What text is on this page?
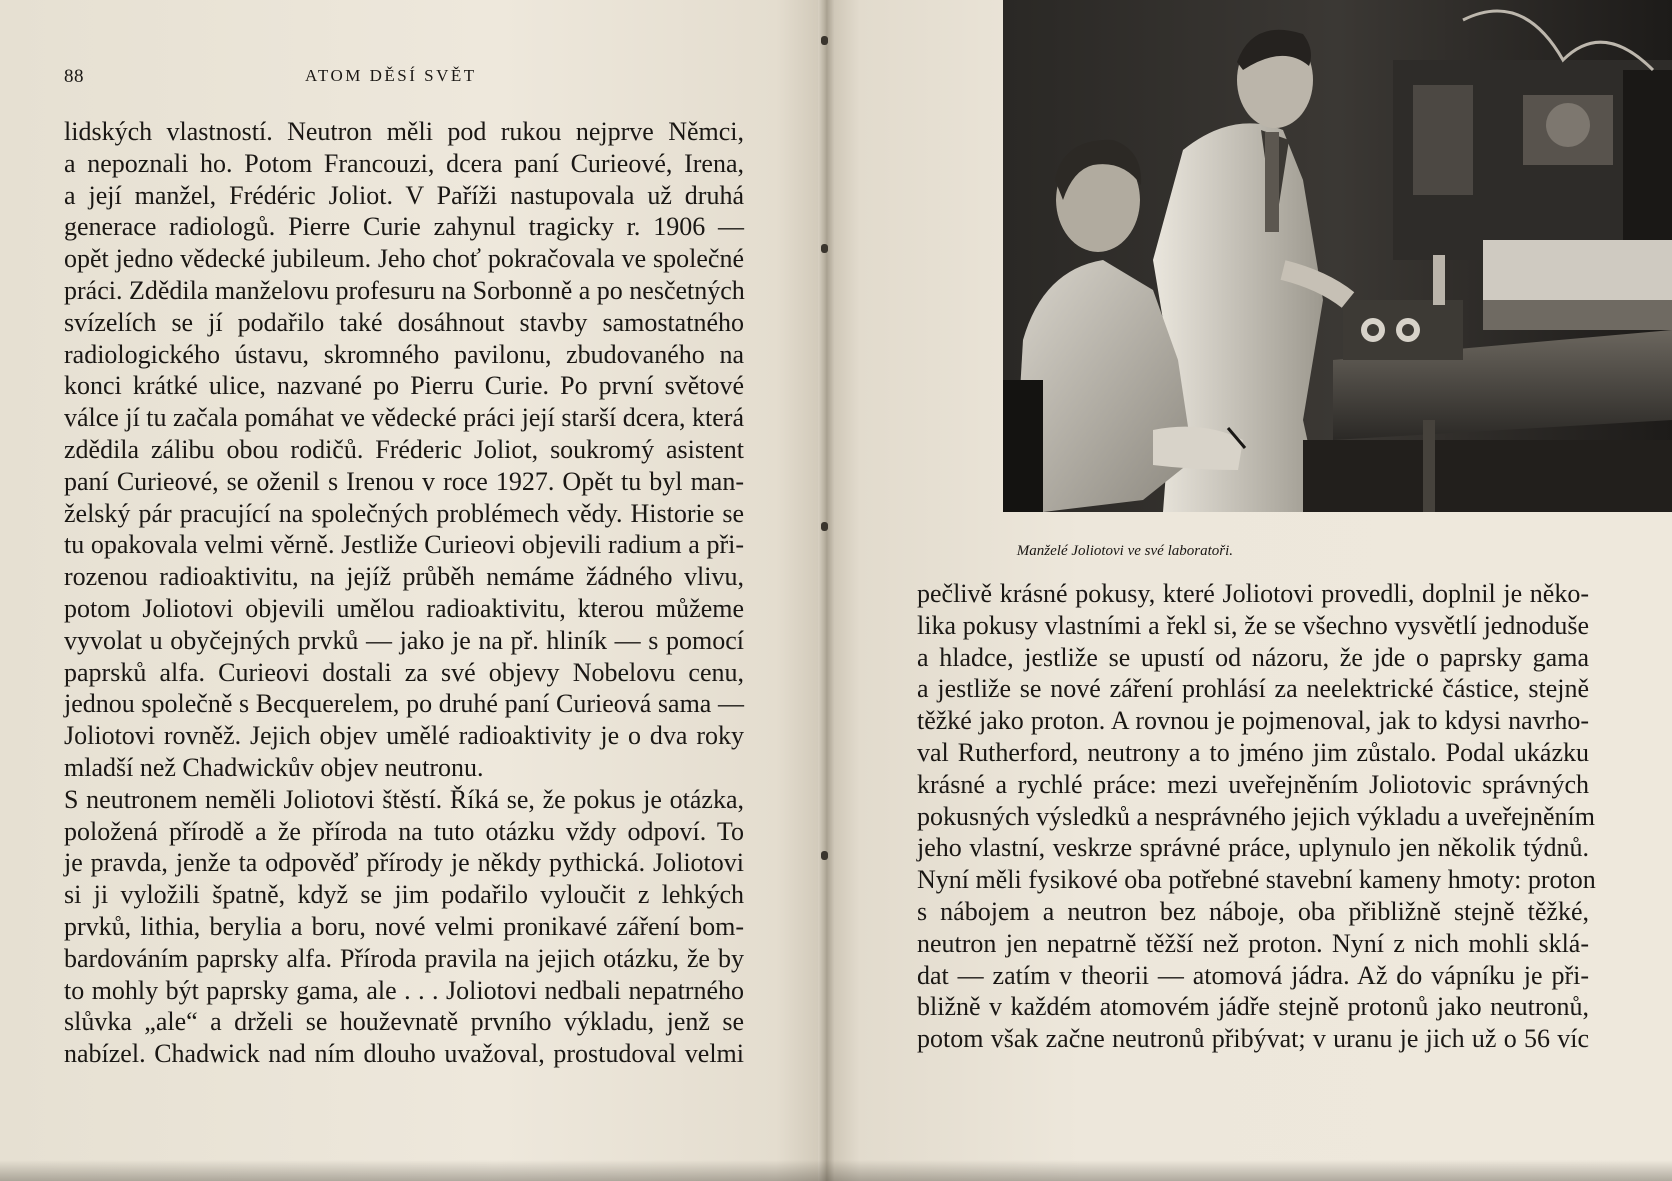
88	ATOM DĚSÍ SVĚT
lidských vlastností. Neutron měli pod rukou nejprve Němci,
a nepoznali ho. Potom Francouzi, dcera paní Curieové, Irena,
a její manžel, Frédéric Joliot. V Paříži nastupovala už druhá
generace radiologů. Pierre Curie zahynul tragicky r. 1906 —
opět jedno vědecké jubileum. Jeho choť pokračovala ve společné
práci. Zdědila manželovu profesuru na Sorbonně a po nesčetných
svízelích se jí podařilo také dosáhnout stavby samostatného
radiologického ústavu, skromného pavilonu, zbudovaného na
konci krátké ulice, nazvané po Pierru Curie. Po první světové
válce jí tu začala pomáhat ve vědecké práci její starší dcera, která
zdědila zálibu obou rodičů. Fréderic Joliot, soukromý asistent
paní Curieové, se oženil s Irenou v roce 1927. Opět tu byl man-
želský pár pracující na společných problémech vědy. Historie se
tu opakovala velmi věrně. Jestliže Curieovi objevili radium a při-
rozenou radioaktivitu, na jejíž průběh nemáme žádného vlivu,
potom Joliotovi objevili umělou radioaktivitu, kterou můžeme
vyvolat u obyčejných prvků — jako je na př. hliník — s pomocí
paprsků alfa. Curieovi dostali za své objevy Nobelovu cenu,
jednou společně s Becquerelem, po druhé paní Curieová sama —
Joliotovi rovněž. Jejich objev umělé radioaktivity je o dva roky
mladší než Chadwickův objev neutronu.
S neutronem neměli Joliotovi štěstí. Říká se, že pokus je otázka,
položená přírodě a že příroda na tuto otázku vždy odpoví. To
je pravda, jenže ta odpověď přírody je někdy pythická. Joliotovi
si ji vyložili špatně, když se jim podařilo vyloučit z lehkých
prvků, lithia, berylia a boru, nové velmi pronikavé záření bom-
bardováním paprsky alfa. Příroda pravila na jejich otázku, že by
to mohly být paprsky gama, ale . . . Joliotovi nedbali nepatrného
slůvka „ale“ a drželi se houževnatě prvního výkladu, jenž se
nabízel. Chadwick nad ním dlouho uvažoval, prostudoval velmi
Manželé Joliotovi ve své laboratoři.
pečlivě krásné pokusy, které Joliotovi provedli, doplnil je něko-
lika pokusy vlastními a řekl si, že se všechno vysvětlí jednoduše
a hladce, jestliže se upustí od názoru, že jde o paprsky gama
a jestliže se nové záření prohlásí za neelektrické částice, stejně
těžké jako proton. A rovnou je pojmenoval, jak to kdysi navrho-
val Rutherford, neutrony a to jméno jim zůstalo. Podal ukázku
krásné a rychlé práce: mezi uveřejněním Joliotovic správných
pokusných výsledků a nesprávného jejich výkladu a uveřejněním
jeho vlastní, veskrze správné práce, uplynulo jen několik týdnů.
Nyní měli fysikové oba potřebné stavební kameny hmoty: proton
s nábojem a neutron bez náboje, oba přibližně stejně těžké,
neutron jen nepatrně těžší než proton. Nyní z nich mohli sklá-
dat — zatím v theorii — atomová jádra. Až do vápníku je při-
bližně v každém atomovém jádře stejně protonů jako neutronů,
potom však začne neutronů přibývat; v uranu je jich už o 56 víc
